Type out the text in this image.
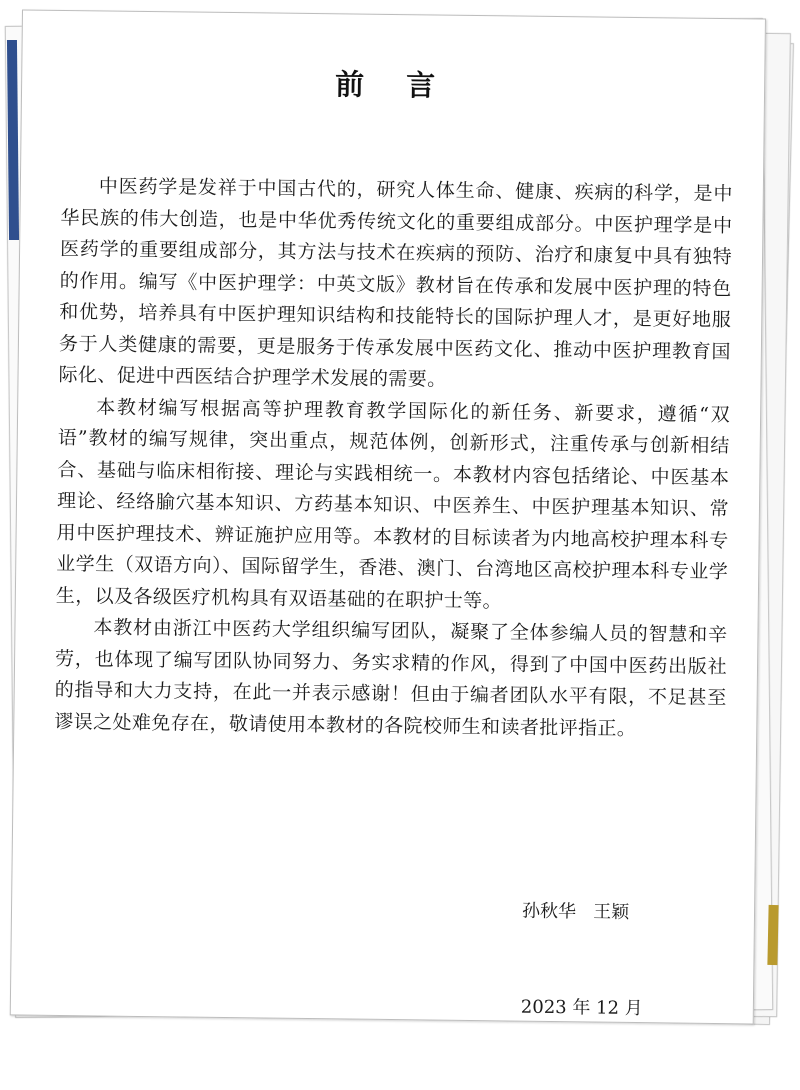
前 言

中医药学是发祥于中国古代的，研究人体生命、健康、疾病的科学，是中华民族的伟大创造，也是中华优秀传统文化的重要组成部分。中医护理学是中医药学的重要组成部分，其方法与技术在疾病的预防、治疗和康复中具有独特的作用。编写《中医护理学：中英文版》教材旨在传承和发展中医护理的特色和优势，培养具有中医护理知识结构和技能特长的国际护理人才，是更好地服务于人类健康的需要，更是服务于传承发展中医药文化、推动中医护理教育国际化、促进中西医结合护理学术发展的需要。

本教材编写根据高等护理教育教学国际化的新任务、新要求，遵循“双语”教材的编写规律，突出重点，规范体例，创新形式，注重传承与创新相结合、基础与临床相衔接、理论与实践相统一。本教材内容包括绪论、中医基本理论、经络腧穴基本知识、方药基本知识、中医养生、中医护理基本知识、常用中医护理技术、辨证施护应用等。本教材的目标读者为内地高校护理本科专业学生（双语方向）、国际留学生，香港、澳门、台湾地区高校护理本科专业学生，以及各级医疗机构具有双语基础的在职护士等。

本教材由浙江中医药大学组织编写团队，凝聚了全体参编人员的智慧和辛劳，也体现了编写团队协同努力、务实求精的作风，得到了中国中医药出版社的指导和大力支持，在此一并表示感谢！但由于编者团队水平有限，不足甚至谬误之处难免存在，敬请使用本教材的各院校师生和读者批评指正。

孙秋华   王颖

2023 年 12 月
